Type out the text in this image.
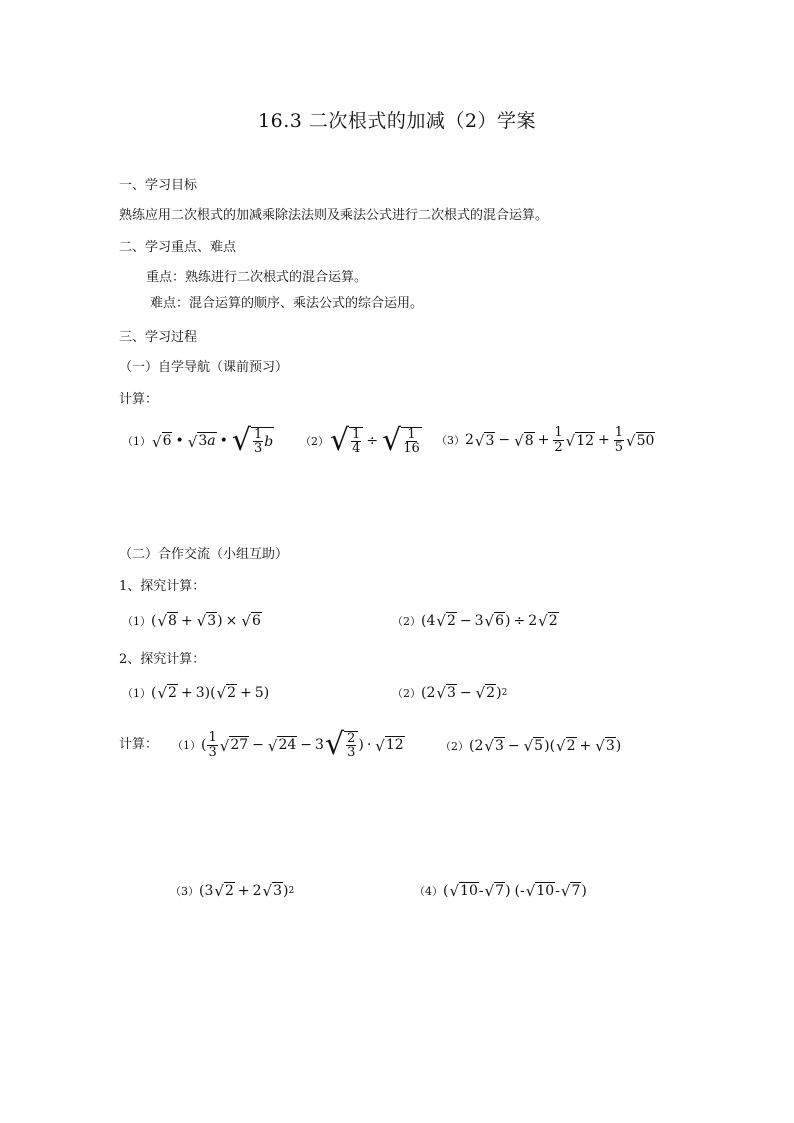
16.3 二次根式的加减（2）学案
一、学习目标
熟练应用二次根式的加减乘除法法则及乘法公式进行二次根式的混合运算。
二、学习重点、难点
重点：熟练进行二次根式的混合运算。
难点：混合运算的顺序、乘法公式的综合运用。
三、学习过程
（一）自学导航（课前预习）
计算：
（1） √ 6 • √ 3a • √ $\frac{1}{3}$ b （2） √ $\frac{1}{4}$ ÷ √ $\frac{1}{16} (3)$ 2 √ 3 − √ $8 + \frac{1}{2}$ √ $12 + \frac{1}{5}$ √ 50
（二）合作交流（小组互助）
1、探究计算：
（1） ( √ 8 + √ 3 ) × √ 6	（2） ( 4 √ 2 − 3 √ 6 ) ÷ 2 √ 2
2、探究计算：
（1） ( √ 2 + 3 ) ( √ 2 + 5 )	（2） ( 2 √ 3 − √ 2 ) 2
计算： （1） ( $\frac{1}{3}$ √ 27 − √ 24 − 3 √ $\frac{2}{3}$ ) · √ 12	（2） ( 2 √ 3 − √ 5 ) ( √ 2 + √ 3 )
（3） ( 3 √ 2 + 2 √ 3 ) 2	（4） ( √ 10 - √ 7 ) ( - √ 10 - √ 7 )
